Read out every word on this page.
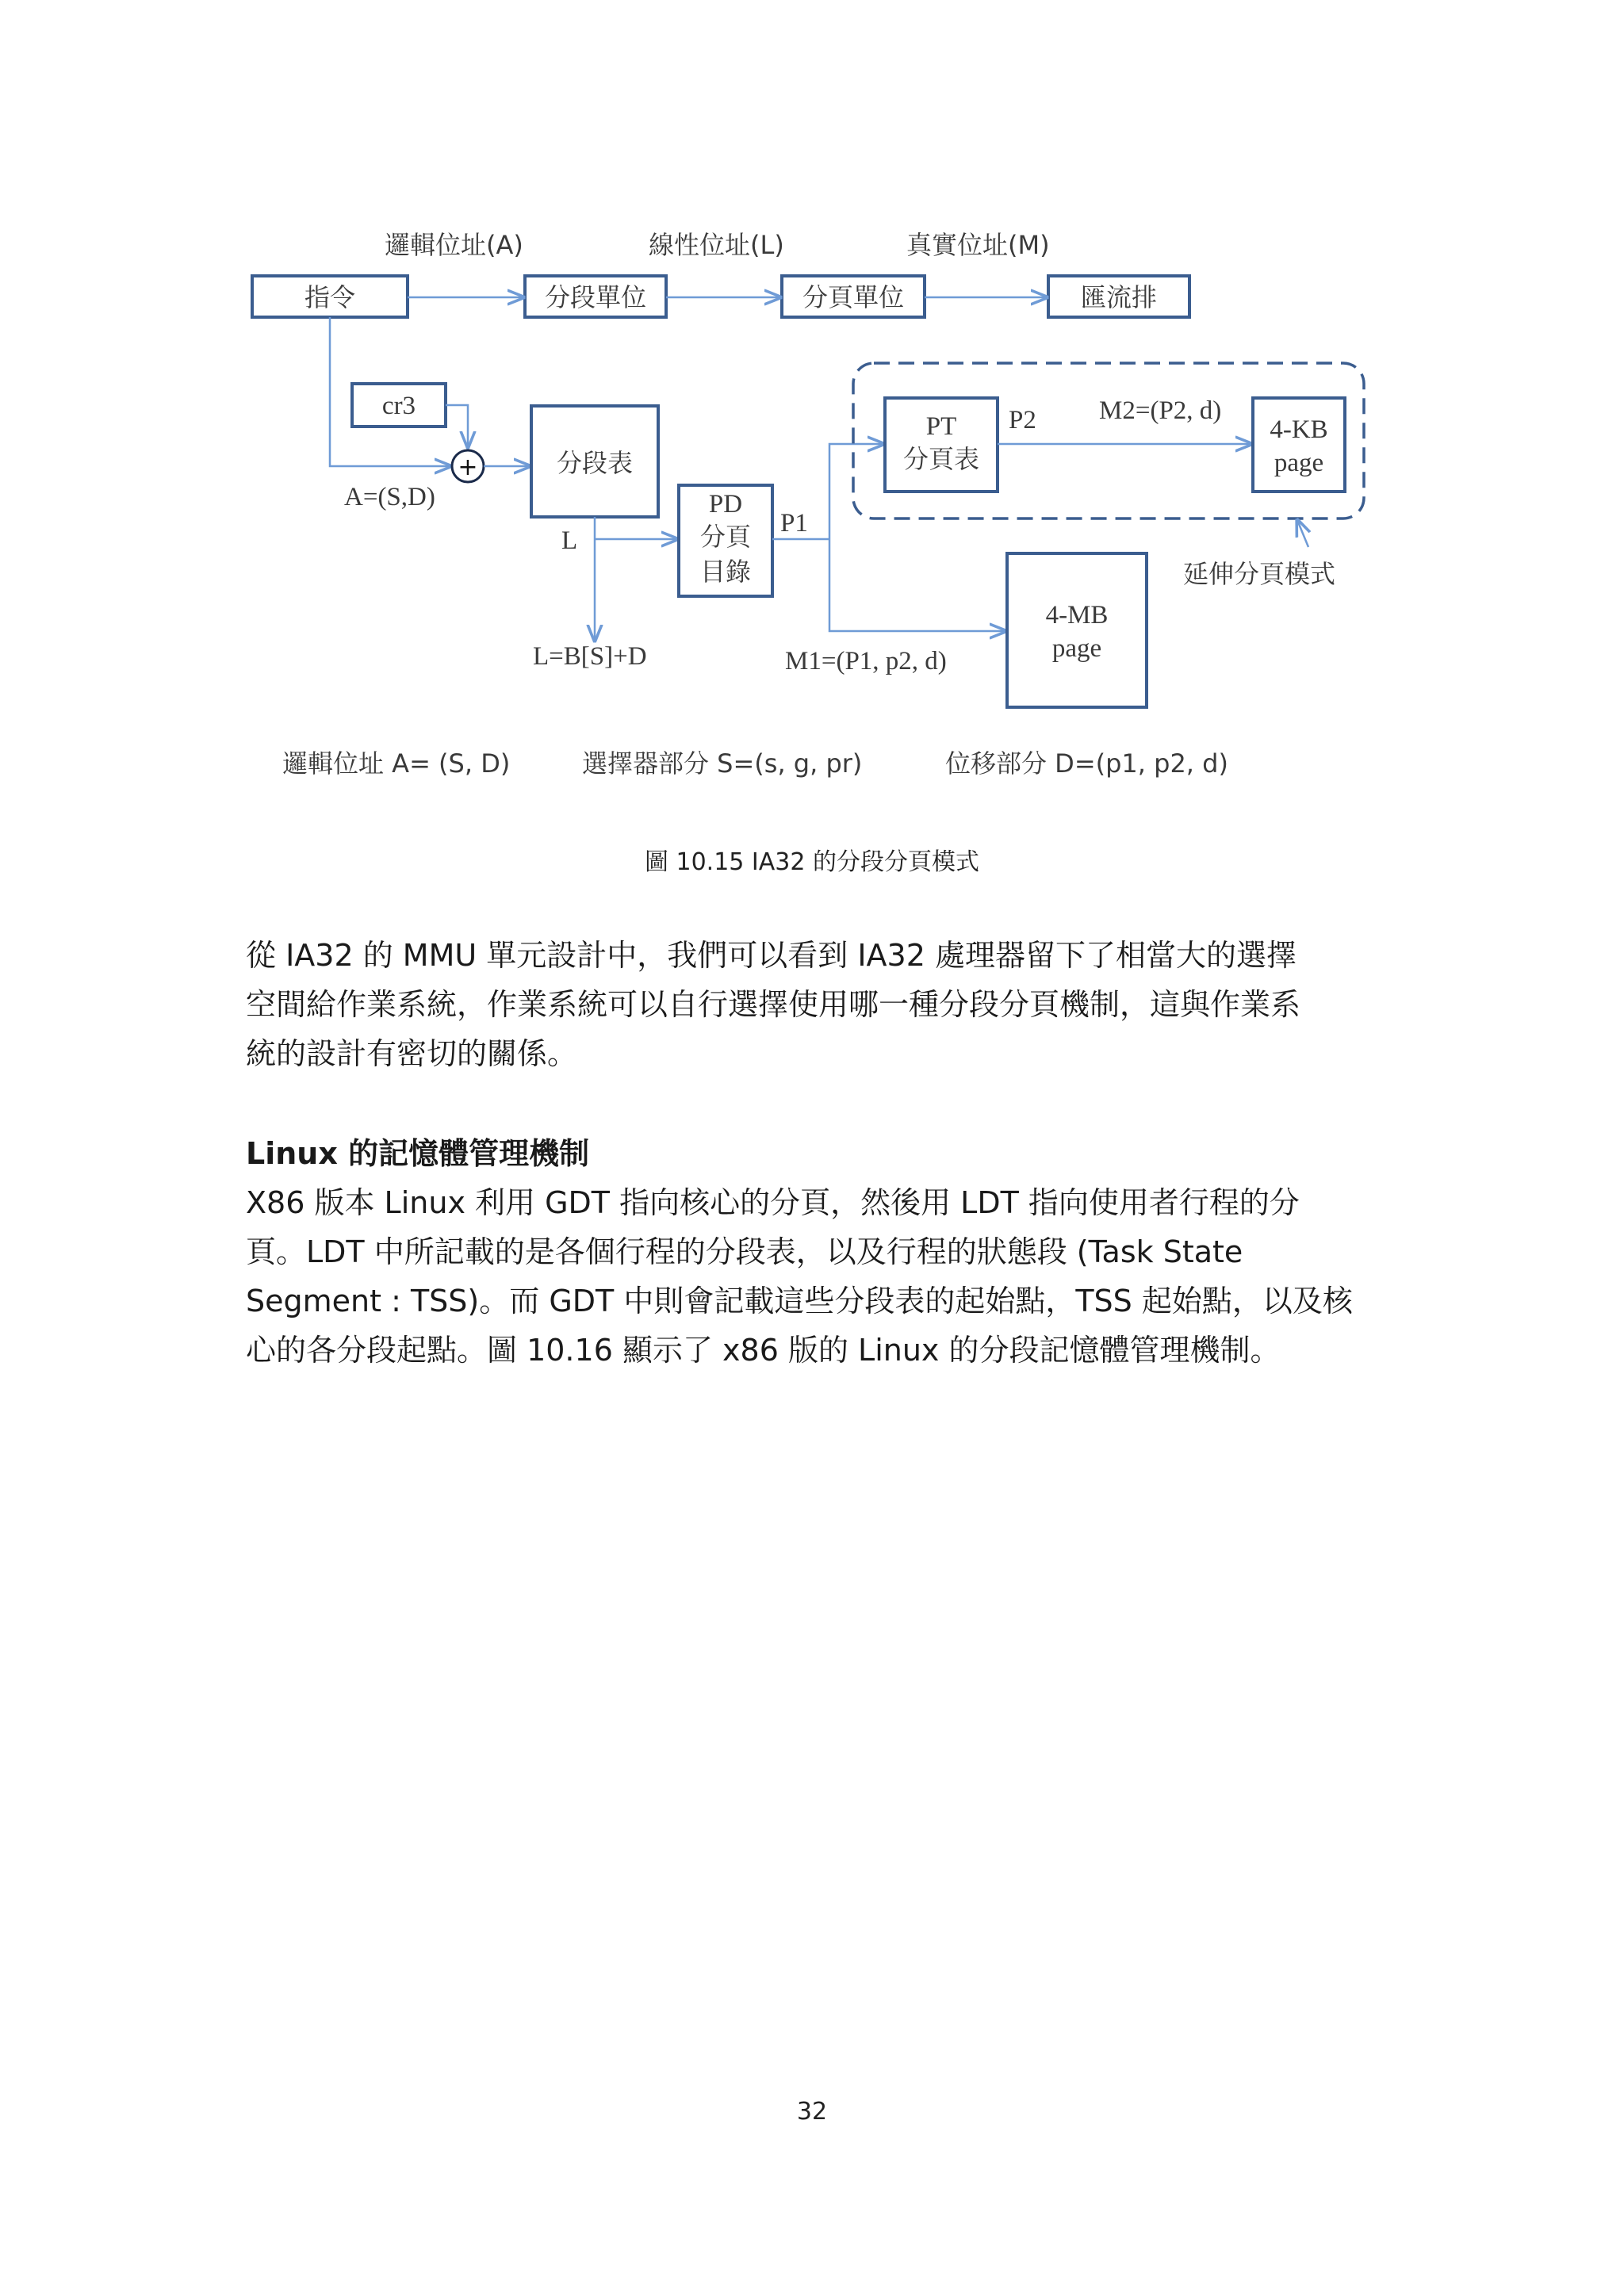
邏輯位址(A)	線性位址(L)	真實位址(M)
指令	分段單位	分頁單位	匯流排
cr3
+
A=(S,D)
分段表
L
L=B[S]+D
PD
分頁
目錄
P1
M1=(P1, p2, d)
PT
分頁表
P2 M2=(P2, d)
4-KB
page
延伸分頁模式
4-MB
page
邏輯位址 A= (S, D)	選擇器部分 S=(s, g, pr)	位移部分 D=(p1, p2, d)
圖 10.15 IA32 的分段分頁模式

從 IA32 的 MMU 單元設計中，我們可以看到 IA32 處理器留下了相當大的選擇

空間給作業系統，作業系統可以自行選擇使用哪一種分段分頁機制，這與作業系

統的設計有密切的關係。

Linux 的記憶體管理機制

X86 版本 Linux 利用 GDT 指向核心的分頁，然後用 LDT 指向使用者行程的分

頁。LDT 中所記載的是各個行程的分段表，以及行程的狀態段 (Task State

Segment : TSS)。而 GDT 中則會記載這些分段表的起始點，TSS 起始點，以及核

心的各分段起點。圖 10.16 顯示了 x86 版的 Linux 的分段記憶體管理機制。

32
